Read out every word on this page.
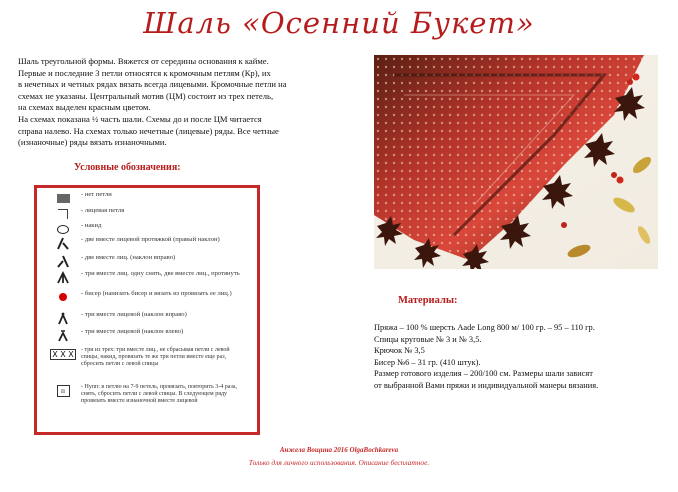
Шаль «Осенний Букет»

Шаль треугольной формы. Вяжется от середины основания к кайме.

Первые и последние 3 петли относятся к кромочным петлям (Кр), их

в нечетных и четных рядах вязать всегда лицевыми. Кромочные петли на

схемах не указаны. Центральный мотив (ЦМ) состоит из трех петель,

на схемах выделен красным цветом.

На схемах показана ½ часть шали. Схемы до и после ЦМ читается

справа налево. На схемах только нечетные (лицевые) ряды. Все четные

(изнаночные) ряды вязать изнаночными.

Условные обозначения:
- нет петли
- лицевая петля
- накид
- две вместе лицевой протяжкой (правый наклон)
- две вместе лиц. (наклон вправо)
- три вместе лиц. одну снять, две вместе лиц., протянуть
- бисер (нанизать бисер и вязать из провязать ее лиц.)
- три вместе лицевой (наклон вправо)
- три вместе лицевой (наклон влево)
X X X	- три из трех: три вместе лиц., не сбрасывая петли с левой спицы, накид, провязать те же три петли вместе еще раз, сбросить петли с левой спицы
п	- Нупп: в петлю на 7-9 петель, провязать, повторить 3-4 раза, снять, сбросить петли с левой спицы. В следующем ряду провязать вместе изнаночной вместе лицевой
Материалы:

Пряжа – 100 % шерсть Aade Long 800 м/ 100 гр. – 95 – 110 гр.

Спицы круговые № 3 и № 3,5.

Крючок № 3,5

Бисер №6 – 31 гр. (410 штук).

Размер готового изделия – 200/100 см. Размеры шали зависят

от выбранной Вами пряжи и индивидуальной манеры вязания.

Анжела Вощина 2016 OlgaBochkareva
Только для личного использования. Описание бесплатное.
